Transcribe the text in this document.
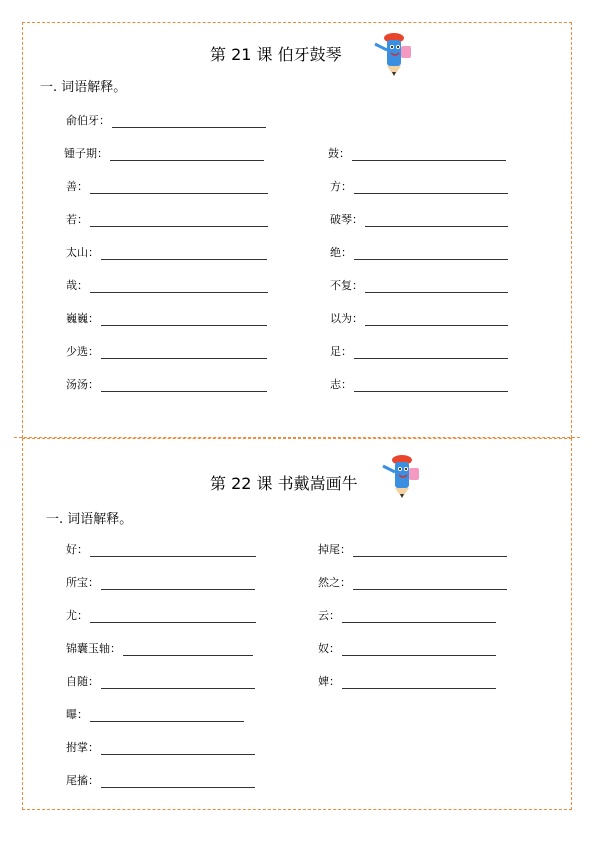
第 21 课 伯牙鼓琴
一. 词语解释。
俞伯牙：
锺子期：	鼓：
善：	方：
若：	破琴：
太山：	绝：
哉：	不复：
巍巍：	以为：
少选：	足：
汤汤：	志：
第 22 课 书戴嵩画牛
一. 词语解释。
好：	掉尾：
所宝：	然之：
尤：	云：
锦囊玉轴：	奴：
自随：	婢：
曝：
拊掌：
尾搐：
